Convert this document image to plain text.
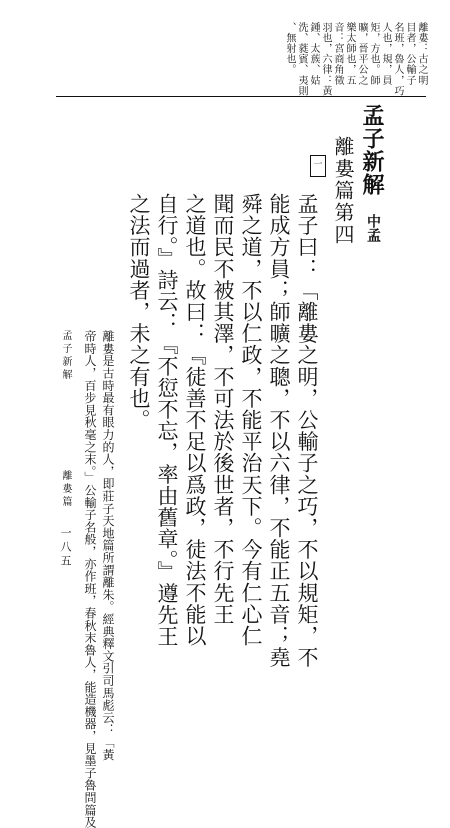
離婁：古之明
目者，公輸子
名班，魯人，巧
人也，規，員
矩，方也。師
曠，晉平公之
樂太師也，五
音：宮商角徵
羽也，六律：黃
鍾、太蔟、姑
洗、蕤賓、夷則
、無射也。
孟子新解
中孟
離婁篇第四
一
孟子曰：「離婁之明，公輸子之巧，不以規矩，不
能成方員；師曠之聰，不以六律，不能正五音；堯
舜之道，不以仁政，不能平治天下。今有仁心仁
聞而民不被其澤，不可法於後世者，不行先王
之道也。故曰：『徒善不足以爲政，徒法不能以
自行。』詩云：『不愆不忘，率由舊章。』遵先王
之法而過者，未之有也。
離婁是古時最有眼力的人，即莊子天地篇所謂離朱。經典釋文引司馬彪云：「黃
帝時人，百步見秋毫之末。」公輸子名般，亦作班，春秋末魯人，能造機器，見墨子魯問篇及
孟子新解
離婁篇
一八五
